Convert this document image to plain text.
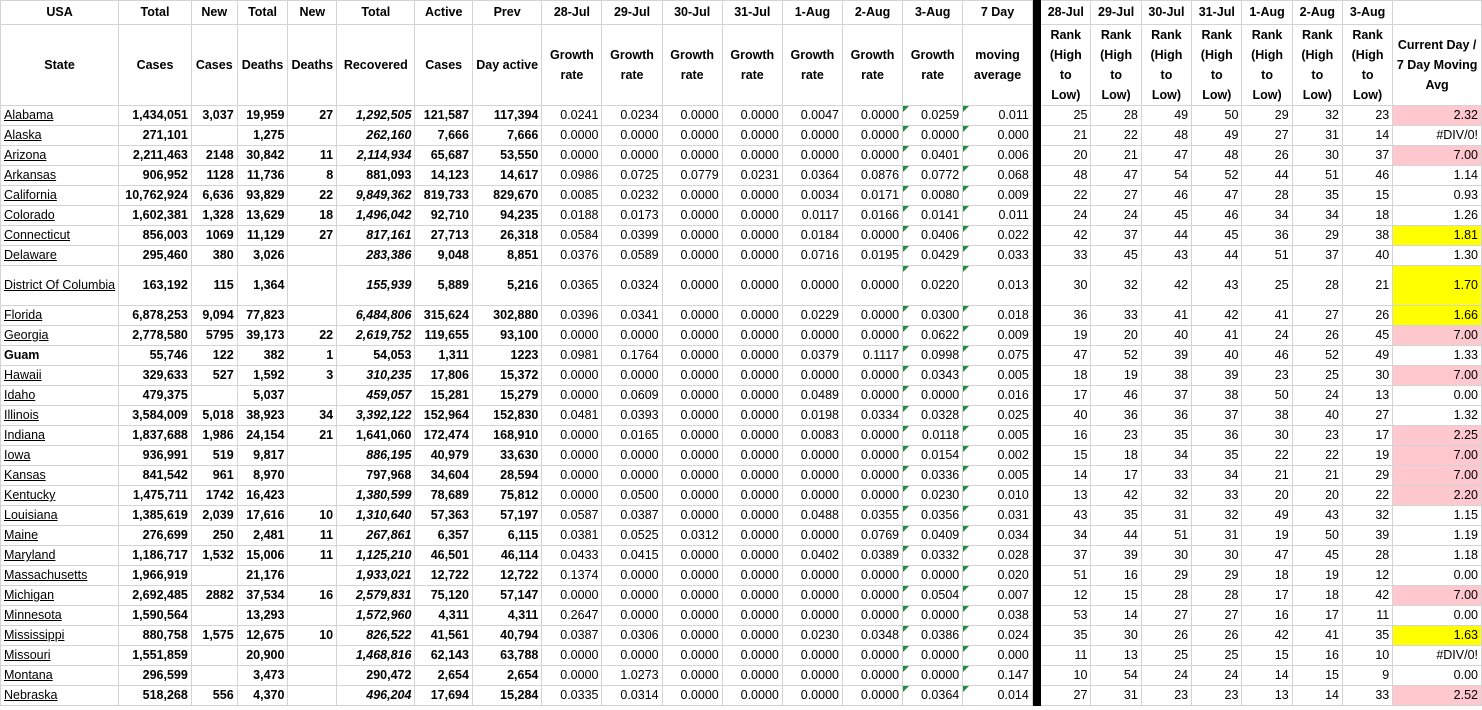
USA	Total	New	Total	New	Total	Active	Prev	28-Jul	29-Jul	30-Jul	31-Jul	1-Aug	2-Aug	3-Aug	7 Day		28-Jul	29-Jul	30-Jul	31-Jul	1-Aug	2-Aug	3-Aug	
State	Cases	Cases	Deaths	Deaths	Recovered	Cases	Day active	Growth rate	Growth rate	Growth rate	Growth rate	Growth rate	Growth rate	Growth rate	moving average		Rank (High to Low)	Rank (High to Low)	Rank (High to Low)	Rank (High to Low)	Rank (High to Low)	Rank (High to Low)	Rank (High to Low)	Current Day / 7 Day Moving Avg
Alabama	1,434,051	3,037	19,959	27	1,292,505	121,587	117,394	0.0241	0.0234	0.0000	0.0000	0.0047	0.0000	0.0259	0.011		25	28	49	50	29	32	23	2.32
Alaska	271,101		1,275		262,160	7,666	7,666	0.0000	0.0000	0.0000	0.0000	0.0000	0.0000	0.0000	0.000		21	22	48	49	27	31	14	#DIV/0!
Arizona	2,211,463	2148	30,842	11	2,114,934	65,687	53,550	0.0000	0.0000	0.0000	0.0000	0.0000	0.0000	0.0401	0.006		20	21	47	48	26	30	37	7.00
Arkansas	906,952	1128	11,736	8	881,093	14,123	14,617	0.0986	0.0725	0.0779	0.0231	0.0364	0.0876	0.0772	0.068		48	47	54	52	44	51	46	1.14
California	10,762,924	6,636	93,829	22	9,849,362	819,733	829,670	0.0085	0.0232	0.0000	0.0000	0.0034	0.0171	0.0080	0.009		22	27	46	47	28	35	15	0.93
Colorado	1,602,381	1,328	13,629	18	1,496,042	92,710	94,235	0.0188	0.0173	0.0000	0.0000	0.0117	0.0166	0.0141	0.011		24	24	45	46	34	34	18	1.26
Connecticut	856,003	1069	11,129	27	817,161	27,713	26,318	0.0584	0.0399	0.0000	0.0000	0.0184	0.0000	0.0406	0.022		42	37	44	45	36	29	38	1.81
Delaware	295,460	380	3,026		283,386	9,048	8,851	0.0376	0.0589	0.0000	0.0000	0.0716	0.0195	0.0429	0.033		33	45	43	44	51	37	40	1.30
District Of Columbia	163,192	115	1,364		155,939	5,889	5,216	0.0365	0.0324	0.0000	0.0000	0.0000	0.0000	0.0220	0.013		30	32	42	43	25	28	21	1.70
Florida	6,878,253	9,094	77,823		6,484,806	315,624	302,880	0.0396	0.0341	0.0000	0.0000	0.0229	0.0000	0.0300	0.018		36	33	41	42	41	27	26	1.66
Georgia	2,778,580	5795	39,173	22	2,619,752	119,655	93,100	0.0000	0.0000	0.0000	0.0000	0.0000	0.0000	0.0622	0.009		19	20	40	41	24	26	45	7.00
Guam	55,746	122	382	1	54,053	1,311	1223	0.0981	0.1764	0.0000	0.0000	0.0379	0.1117	0.0998	0.075		47	52	39	40	46	52	49	1.33
Hawaii	329,633	527	1,592	3	310,235	17,806	15,372	0.0000	0.0000	0.0000	0.0000	0.0000	0.0000	0.0343	0.005		18	19	38	39	23	25	30	7.00
Idaho	479,375		5,037		459,057	15,281	15,279	0.0000	0.0609	0.0000	0.0000	0.0489	0.0000	0.0000	0.016		17	46	37	38	50	24	13	0.00
Illinois	3,584,009	5,018	38,923	34	3,392,122	152,964	152,830	0.0481	0.0393	0.0000	0.0000	0.0198	0.0334	0.0328	0.025		40	36	36	37	38	40	27	1.32
Indiana	1,837,688	1,986	24,154	21	1,641,060	172,474	168,910	0.0000	0.0165	0.0000	0.0000	0.0083	0.0000	0.0118	0.005		16	23	35	36	30	23	17	2.25
Iowa	936,991	519	9,817		886,195	40,979	33,630	0.0000	0.0000	0.0000	0.0000	0.0000	0.0000	0.0154	0.002		15	18	34	35	22	22	19	7.00
Kansas	841,542	961	8,970		797,968	34,604	28,594	0.0000	0.0000	0.0000	0.0000	0.0000	0.0000	0.0336	0.005		14	17	33	34	21	21	29	7.00
Kentucky	1,475,711	1742	16,423		1,380,599	78,689	75,812	0.0000	0.0500	0.0000	0.0000	0.0000	0.0000	0.0230	0.010		13	42	32	33	20	20	22	2.20
Louisiana	1,385,619	2,039	17,616	10	1,310,640	57,363	57,197	0.0587	0.0387	0.0000	0.0000	0.0488	0.0355	0.0356	0.031		43	35	31	32	49	43	32	1.15
Maine	276,699	250	2,481	11	267,861	6,357	6,115	0.0381	0.0525	0.0312	0.0000	0.0000	0.0769	0.0409	0.034		34	44	51	31	19	50	39	1.19
Maryland	1,186,717	1,532	15,006	11	1,125,210	46,501	46,114	0.0433	0.0415	0.0000	0.0000	0.0402	0.0389	0.0332	0.028		37	39	30	30	47	45	28	1.18
Massachusetts	1,966,919		21,176		1,933,021	12,722	12,722	0.1374	0.0000	0.0000	0.0000	0.0000	0.0000	0.0000	0.020		51	16	29	29	18	19	12	0.00
Michigan	2,692,485	2882	37,534	16	2,579,831	75,120	57,147	0.0000	0.0000	0.0000	0.0000	0.0000	0.0000	0.0504	0.007		12	15	28	28	17	18	42	7.00
Minnesota	1,590,564		13,293		1,572,960	4,311	4,311	0.2647	0.0000	0.0000	0.0000	0.0000	0.0000	0.0000	0.038		53	14	27	27	16	17	11	0.00
Mississippi	880,758	1,575	12,675	10	826,522	41,561	40,794	0.0387	0.0306	0.0000	0.0000	0.0230	0.0348	0.0386	0.024		35	30	26	26	42	41	35	1.63
Missouri	1,551,859		20,900		1,468,816	62,143	63,788	0.0000	0.0000	0.0000	0.0000	0.0000	0.0000	0.0000	0.000		11	13	25	25	15	16	10	#DIV/0!
Montana	296,599		3,473		290,472	2,654	2,654	0.0000	1.0273	0.0000	0.0000	0.0000	0.0000	0.0000	0.147		10	54	24	24	14	15	9	0.00
Nebraska	518,268	556	4,370		496,204	17,694	15,284	0.0335	0.0314	0.0000	0.0000	0.0000	0.0000	0.0364	0.014		27	31	23	23	13	14	33	2.52
